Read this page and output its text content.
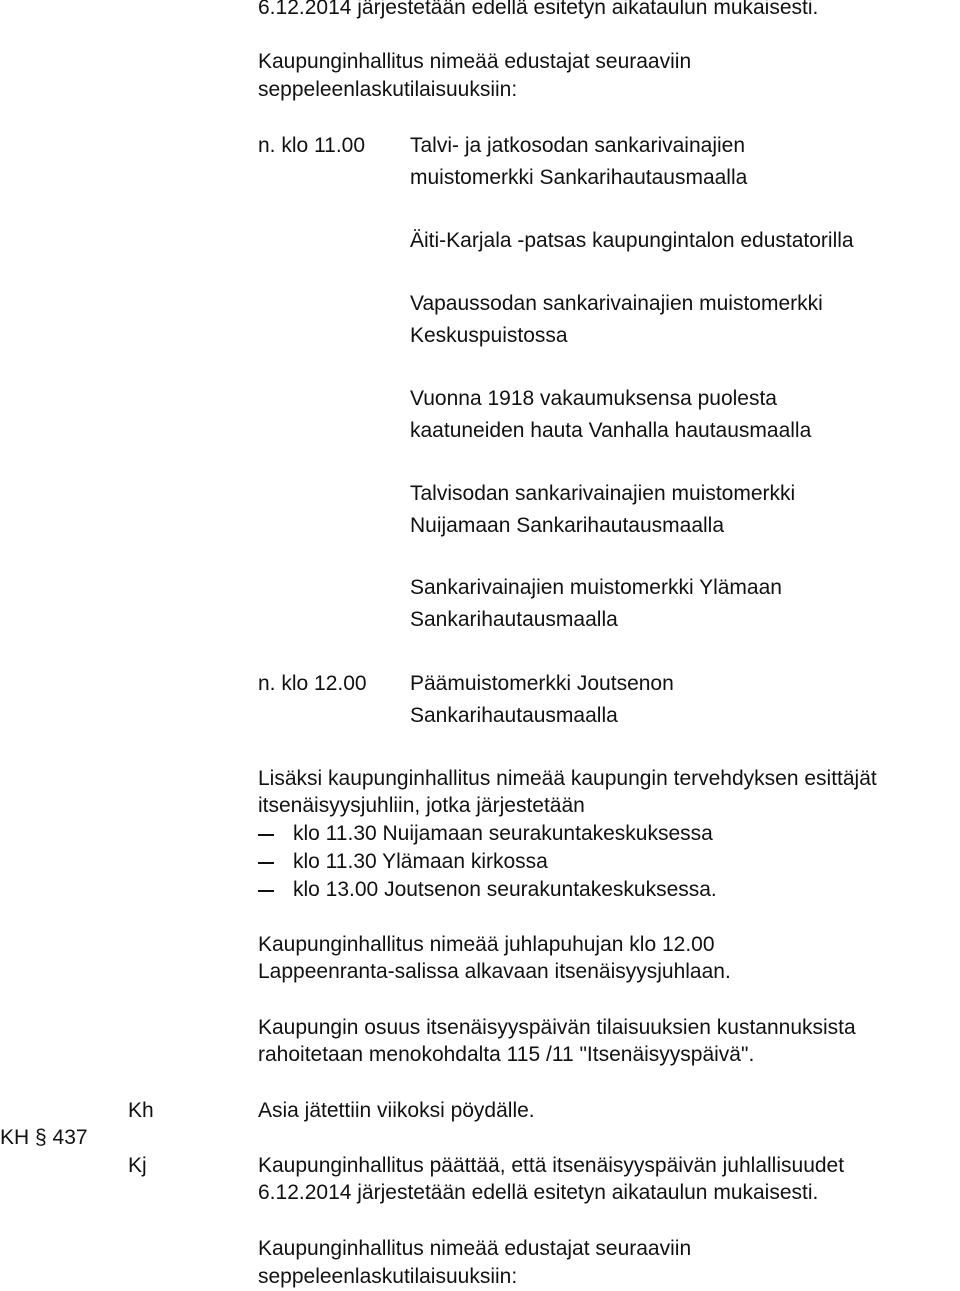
6.12.2014 järjestetään edellä esitetyn aikataulun mukaisesti.
Kaupunginhallitus nimeää edustajat seuraaviin
seppeleenlaskutilaisuuksiin:
n. klo 11.00 Talvi- ja jatkosodan sankarivainajien
muistomerkki Sankarihautausmaalla
Äiti-Karjala -patsas kaupungintalon edustatorilla
Vapaussodan sankarivainajien muistomerkki
Keskuspuistossa
Vuonna 1918 vakaumuksensa puolesta
kaatuneiden hauta Vanhalla hautausmaalla
Talvisodan sankarivainajien muistomerkki
Nuijamaan Sankarihautausmaalla
Sankarivainajien muistomerkki Ylämaan
Sankarihautausmaalla
n. klo 12.00 Päämuistomerkki Joutsenon
Sankarihautausmaalla
Lisäksi kaupunginhallitus nimeää kaupungin tervehdyksen esittäjät
itsenäisyysjuhliin, jotka järjestetään
klo 11.30 Nuijamaan seurakuntakeskuksessa
klo 11.30 Ylämaan kirkossa
klo 13.00 Joutsenon seurakuntakeskuksessa.
Kaupunginhallitus nimeää juhlapuhujan klo 12.00
Lappeenranta-salissa alkavaan itsenäisyysjuhlaan.
Kaupungin osuus itsenäisyyspäivän tilaisuuksien kustannuksista
rahoitetaan menokohdalta 115 /11 "Itsenäisyyspäivä".
KH § 437
Kh	Asia jätettiin viikoksi pöydälle.
Kj	Kaupunginhallitus päättää, että itsenäisyyspäivän juhlallisuudet
6.12.2014 järjestetään edellä esitetyn aikataulun mukaisesti.
Kaupunginhallitus nimeää edustajat seuraaviin
seppeleenlaskutilaisuuksiin:
